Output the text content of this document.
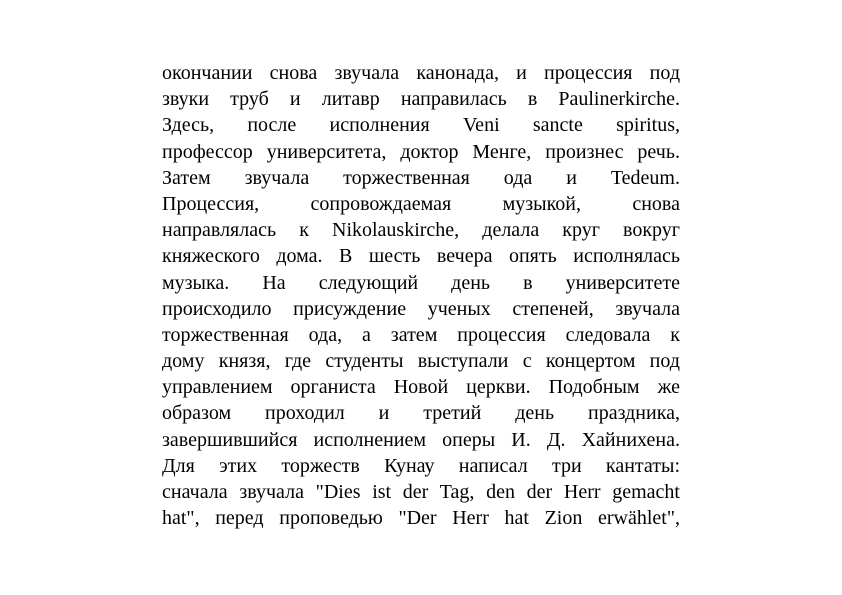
окончании снова звучала канонада, и процессия под
звуки труб и литавр направилась в Paulinerkirche.
Здесь, после исполнения Veni sancte spiritus,
профессор университета, доктор Менге, произнес речь.
Затем звучала торжественная ода и Tedeum.
Процессия, сопровождаемая музыкой, снова
направлялась к Nikolauskirche, делала круг вокруг
княжеского дома. В шесть вечера опять исполнялась
музыка. На следующий день в университете
происходило присуждение ученых степеней, звучала
торжественная ода, а затем процессия следовала к
дому князя, где студенты выступали с концертом под
управлением органиста Новой церкви. Подобным же
образом проходил и третий день праздника,
завершившийся исполнением оперы И. Д. Хайнихена.
Для этих торжеств Кунау написал три кантаты:
сначала звучала "Dies ist der Tag, den der Herr gemacht
hat", перед проповедью "Der Herr hat Zion erwählet",
